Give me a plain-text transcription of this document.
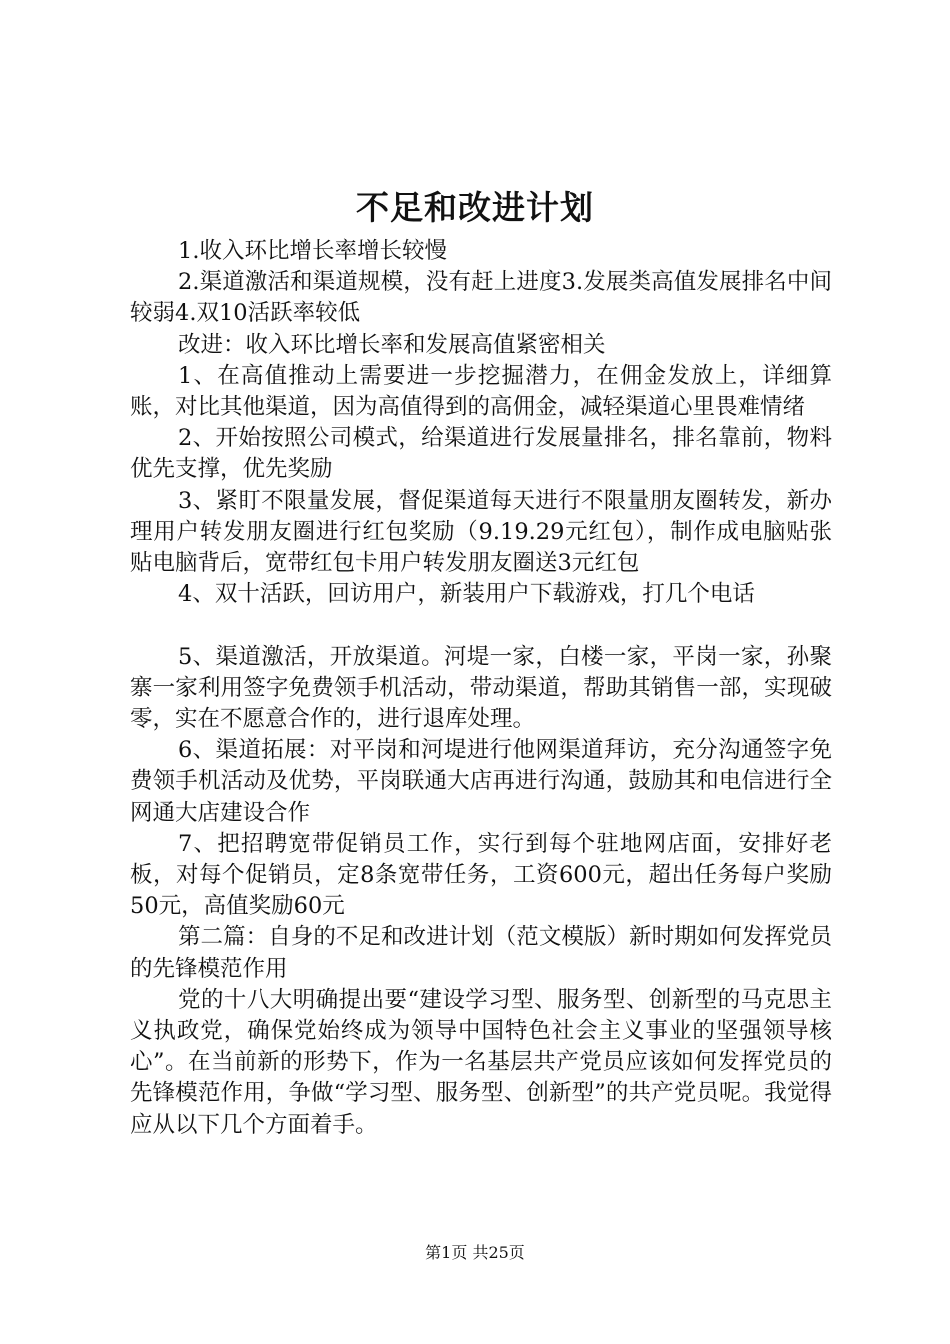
不足和改进计划

1.收入环比增长率增长较慢

2.渠道激活和渠道规模，没有赶上进度3.发展类高值发展排名中间较弱4.双10活跃率较低

改进：收入环比增长率和发展高值紧密相关

1、在高值推动上需要进一步挖掘潜力，在佣金发放上，详细算账，对比其他渠道，因为高值得到的高佣金，减轻渠道心里畏难情绪

2、开始按照公司模式，给渠道进行发展量排名，排名靠前，物料优先支撑，优先奖励

3、紧盯不限量发展，督促渠道每天进行不限量朋友圈转发，新办理用户转发朋友圈进行红包奖励（9.19.29元红包），制作成电脑贴张贴电脑背后，宽带红包卡用户转发朋友圈送3元红包

4、双十活跃，回访用户，新装用户下载游戏，打几个电话

5、渠道激活，开放渠道。河堤一家，白楼一家，平岗一家，孙聚寨一家利用签字免费领手机活动，带动渠道，帮助其销售一部，实现破零，实在不愿意合作的，进行退库处理。

6、渠道拓展：对平岗和河堤进行他网渠道拜访，充分沟通签字免费领手机活动及优势，平岗联通大店再进行沟通，鼓励其和电信进行全网通大店建设合作

7、把招聘宽带促销员工作，实行到每个驻地网店面，安排好老板，对每个促销员，定8条宽带任务，工资600元，超出任务每户奖励50元，高值奖励60元

第二篇：自身的不足和改进计划（范文模版）新时期如何发挥党员的先锋模范作用

党的十八大明确提出要“建设学习型、服务型、创新型的马克思主义执政党，确保党始终成为领导中国特色社会主义事业的坚强领导核心”。在当前新的形势下，作为一名基层共产党员应该如何发挥党员的先锋模范作用，争做“学习型、服务型、创新型”的共产党员呢。我觉得应从以下几个方面着手。

第1页 共25页
